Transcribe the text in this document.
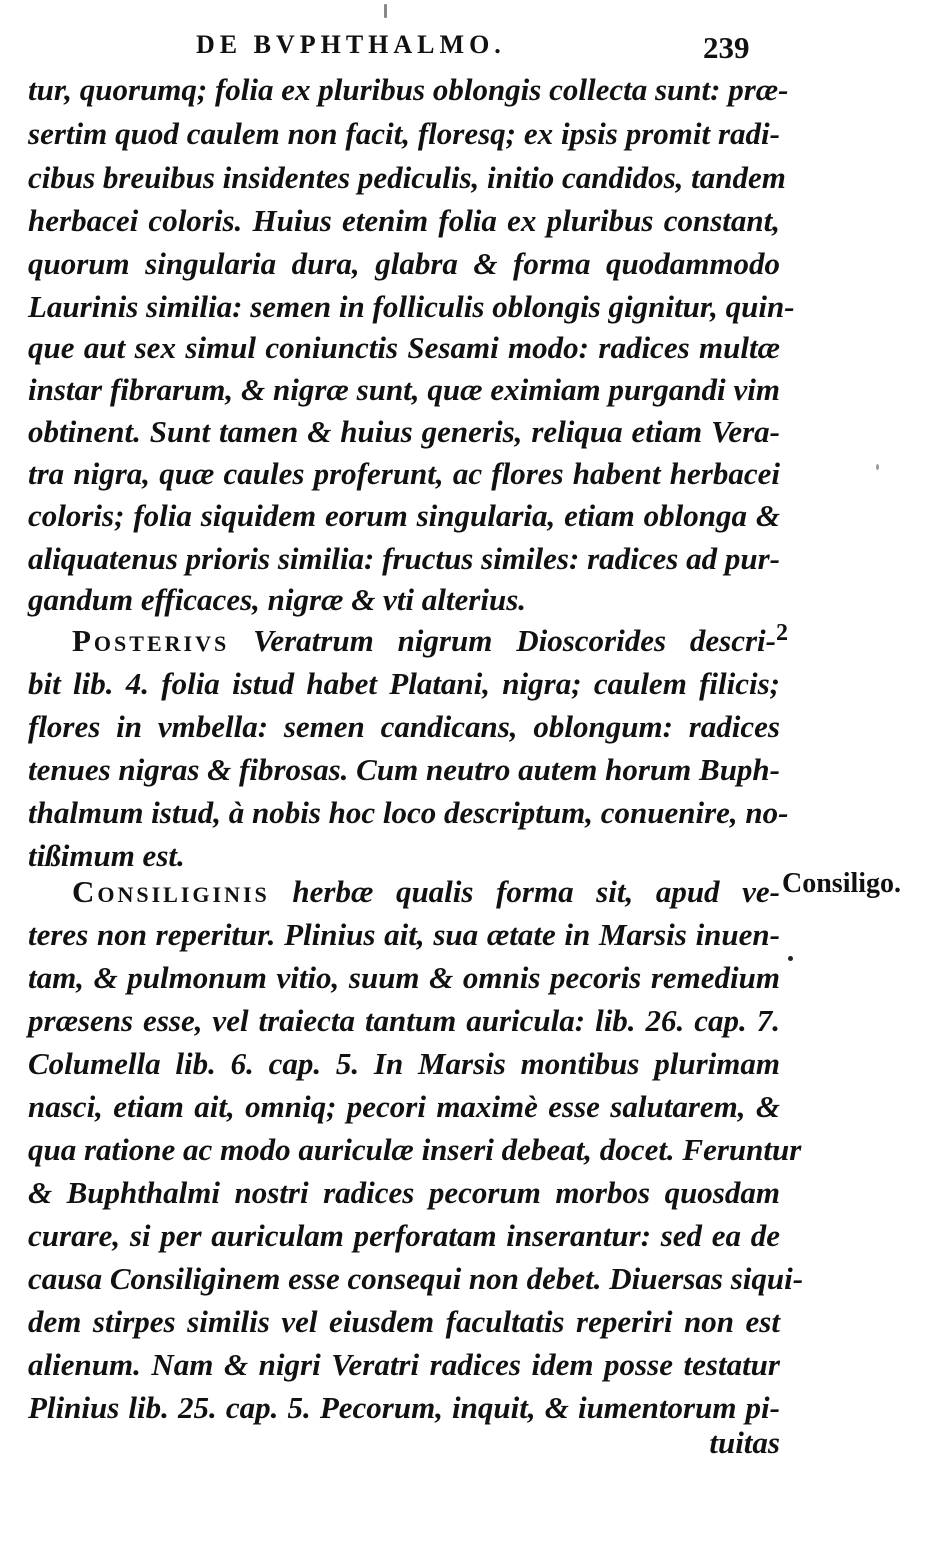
DE BVPHTHALMO.	239
tur, quorumq; folia ex pluribus oblongis collecta sunt: præ-
sertim quod caulem non facit, floresq; ex ipsis promit radi-
cibus breuibus insidentes pediculis, initio candidos, tandem
herbacei coloris. Huius etenim folia ex pluribus constant,
quorum singularia dura, glabra & forma quodammodo
Laurinis similia: semen in folliculis oblongis gignitur, quin-
que aut sex simul coniunctis Sesami modo: radices multæ
instar fibrarum, & nigræ sunt, quæ eximiam purgandi vim
obtinent. Sunt tamen & huius generis, reliqua etiam Vera-
tra nigra, quæ caules proferunt, ac flores habent herbacei
coloris; folia siquidem eorum singularia, etiam oblonga &
aliquatenus prioris similia: fructus similes: radices ad pur-
gandum efficaces, nigræ & vti alterius.
Posterivs Veratrum nigrum Dioscorides descri-
bit lib. 4. folia istud habet Platani, nigra; caulem filicis;
flores in vmbella: semen candicans, oblongum: radices
tenues nigras & fibrosas. Cum neutro autem horum Buph-
thalmum istud, à nobis hoc loco descriptum, conuenire, no-
tißimum est.
Consiliginis herbæ qualis forma sit, apud ve-
teres non reperitur. Plinius ait, sua ætate in Marsis inuen-
tam, & pulmonum vitio, suum & omnis pecoris remedium
præsens esse, vel traiecta tantum auricula: lib. 26. cap. 7.
Columella lib. 6. cap. 5. In Marsis montibus plurimam
nasci, etiam ait, omniq; pecori maximè esse salutarem, &
qua ratione ac modo auriculæ inseri debeat, docet. Feruntur
& Buphthalmi nostri radices pecorum morbos quosdam
curare, si per auriculam perforatam inserantur: sed ea de
causa Consiliginem esse consequi non debet. Diuersas siqui-
dem stirpes similis vel eiusdem facultatis reperiri non est
alienum. Nam & nigri Veratri radices idem posse testatur
Plinius lib. 25. cap. 5. Pecorum, inquit, & iumentorum pi-
tuitas
2
Consiligo.
